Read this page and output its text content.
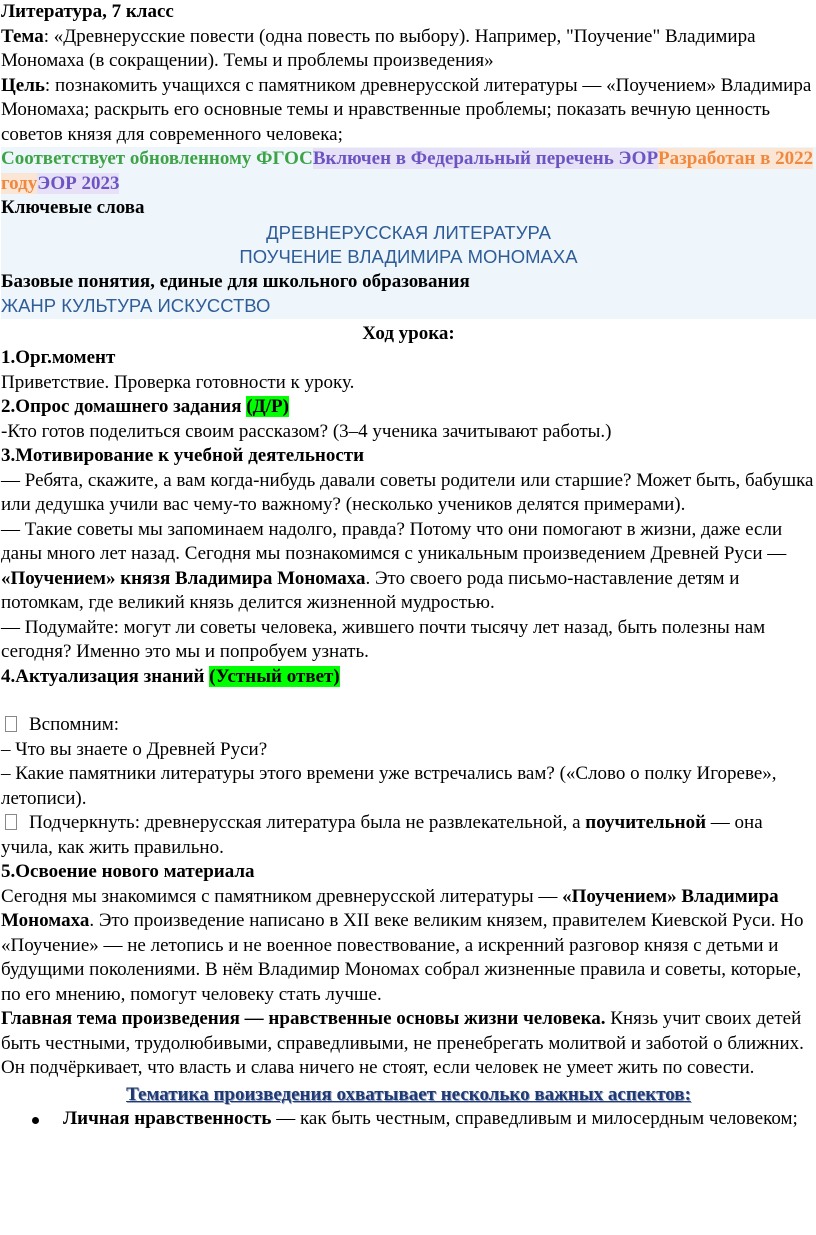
Литература, 7 класс

Тема: «Древнерусские повести (одна повесть по выбору). Например, "Поучение" Владимира Мономаха (в сокращении). Темы и проблемы произведения»

Цель: познакомить учащихся с памятником древнерусской литературы — «Поучением» Владимира Мономаха; раскрыть его основные темы и нравственные проблемы; показать вечную ценность советов князя для современного человека;

Соответствует обновленному ФГОСВключен в Федеральный перечень ЭОРРазработан в 2022 годуЭОР 2023

Ключевые слова

ДРЕВНЕРУССКАЯ ЛИТЕРАТУРА

ПОУЧЕНИЕ ВЛАДИМИРА МОНОМАХА

Базовые понятия, единые для школьного образования

ЖАНР КУЛЬТУРА ИСКУССТВО

Ход урока:

1.Орг.момент

Приветствие. Проверка готовности к уроку.

2.Опрос домашнего задания (Д/Р)

-Кто готов поделиться своим рассказом? (3–4 ученика зачитывают работы.)

3.Мотивирование к учебной деятельности

— Ребята, скажите, а вам когда-нибудь давали советы родители или старшие? Может быть, бабушка или дедушка учили вас чему-то важному? (несколько учеников делятся примерами).

— Такие советы мы запоминаем надолго, правда? Потому что они помогают в жизни, даже если даны много лет назад. Сегодня мы познакомимся с уникальным произведением Древней Руси — «Поучением» князя Владимира Мономаха. Это своего рода письмо-наставление детям и потомкам, где великий князь делится жизненной мудростью.

— Подумайте: могут ли советы человека, жившего почти тысячу лет назад, быть полезны нам сегодня? Именно это мы и попробуем узнать.

4.Актуализация знаний (Устный ответ)

Вспомним:

– Что вы знаете о Древней Руси?

– Какие памятники литературы этого времени уже встречались вам? («Слово о полку Игореве», летописи).

Подчеркнуть: древнерусская литература была не развлекательной, а поучительной — она учила, как жить правильно.

5.Освоение нового материала

Сегодня мы знакомимся с памятником древнерусской литературы — «Поучением» Владимира Мономаха. Это произведение написано в XII веке великим князем, правителем Киевской Руси. Но «Поучение» — не летопись и не военное повествование, а искренний разговор князя с детьми и будущими поколениями. В нём Владимир Мономах собрал жизненные правила и советы, которые, по его мнению, помогут человеку стать лучше.

Главная тема произведения — нравственные основы жизни человека. Князь учит своих детей быть честными, трудолюбивыми, справедливыми, не пренебрегать молитвой и заботой о ближних. Он подчёркивает, что власть и слава ничего не стоят, если человек не умеет жить по совести.

Тематика произведения охватывает несколько важных аспектов:

Личная нравственность — как быть честным, справедливым и милосердным человеком;
